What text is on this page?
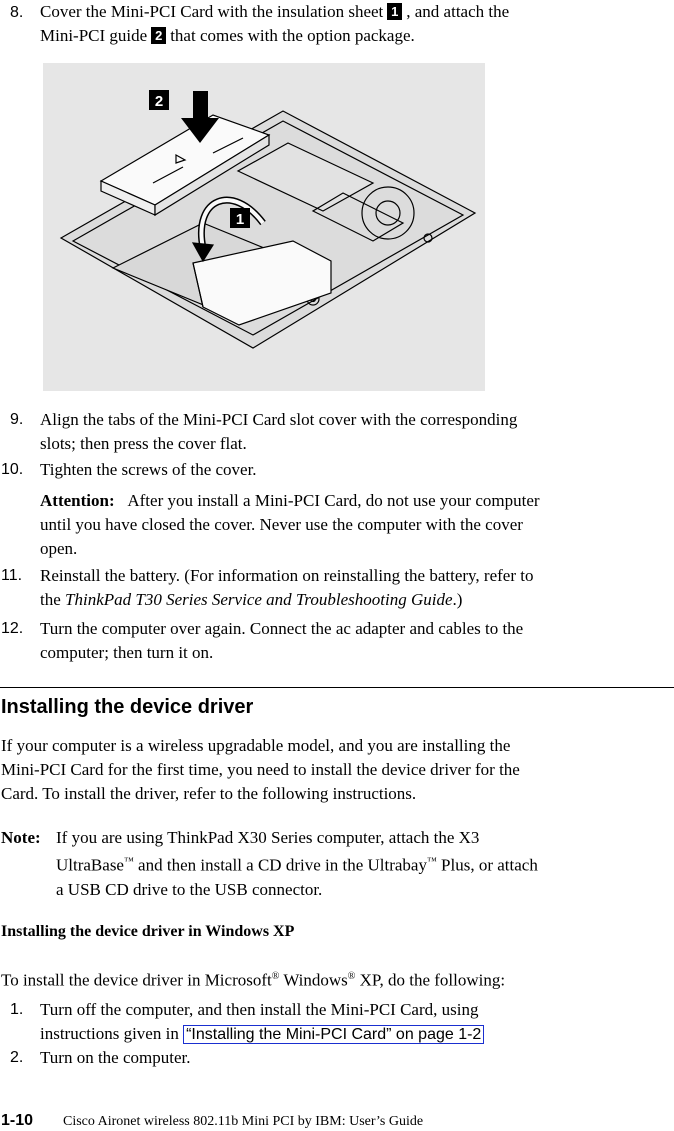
8. Cover the Mini-PCI Card with the insulation sheet 1 , and attach the
Mini-PCI guide 2 that comes with the option package.
2
1
9. Align the tabs of the Mini-PCI Card slot cover with the corresponding
slots; then press the cover flat.
10. Tighten the screws of the cover.
Attention: After you install a Mini-PCI Card, do not use your computer
until you have closed the cover. Never use the computer with the cover
open.
11. Reinstall the battery. (For information on reinstalling the battery, refer to
the ThinkPad T30 Series Service and Troubleshooting Guide.)
12. Turn the computer over again. Connect the ac adapter and cables to the
computer; then turn it on.
Installing the device driver
If your computer is a wireless upgradable model, and you are installing the
Mini-PCI Card for the first time, you need to install the device driver for the
Card. To install the driver, refer to the following instructions.
Note: If you are using ThinkPad X30 Series computer, attach the X3
UltraBase™ and then install a CD drive in the Ultrabay™ Plus, or attach
a USB CD drive to the USB connector.
Installing the device driver in Windows XP
To install the device driver in Microsoft® Windows® XP, do the following:
1. Turn off the computer, and then install the Mini-PCI Card, using
instructions given in “Installing the Mini-PCI Card” on page 1-2
2. Turn on the computer.
1-10 Cisco Aironet wireless 802.11b Mini PCI by IBM: User’s Guide
